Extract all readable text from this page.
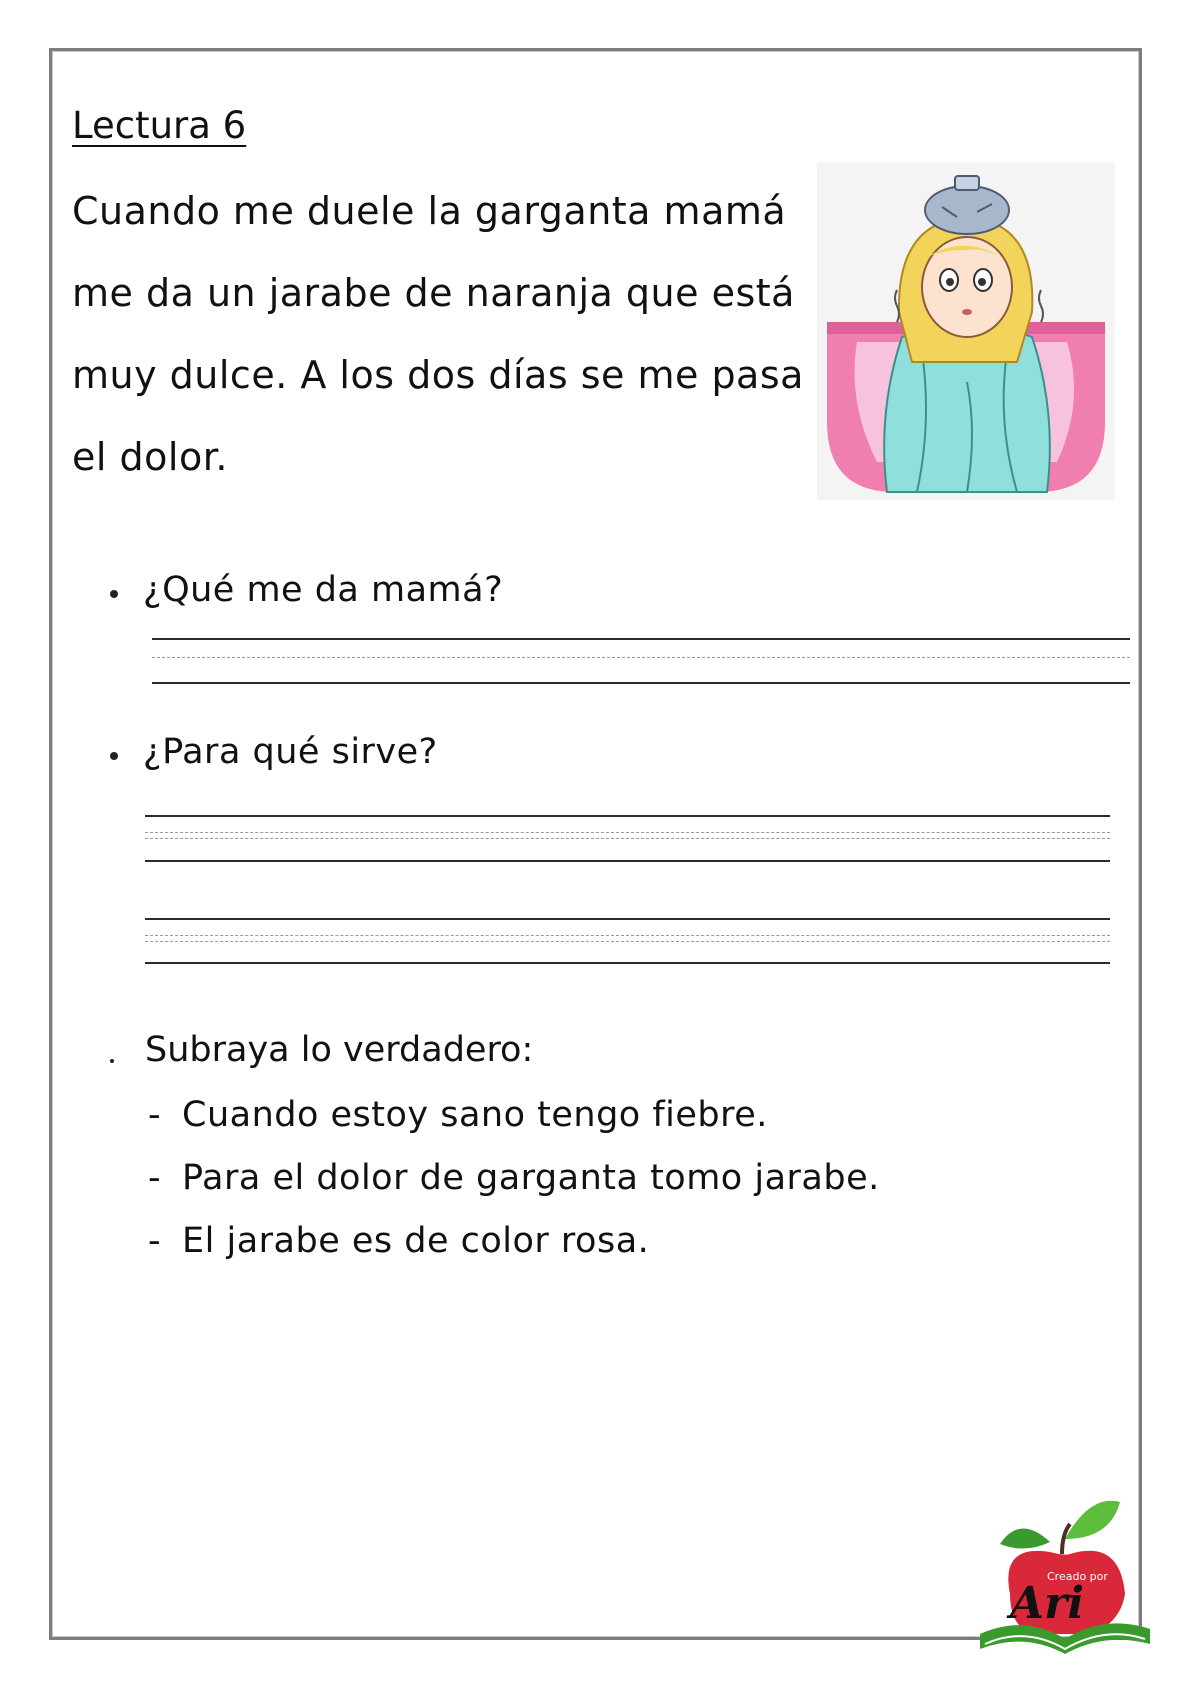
Lectura 6
Cuando me duele la garganta mamá
me da un jarabe de naranja que está
muy dulce. A los dos días se me pasa
el dolor.
¿Qué me da mamá?
¿Para qué sirve?
Subraya lo verdadero:
- Cuando estoy sano tengo fiebre.
- Para el dolor de garganta tomo jarabe.
- El jarabe es de color rosa.
Creado por
Ari
